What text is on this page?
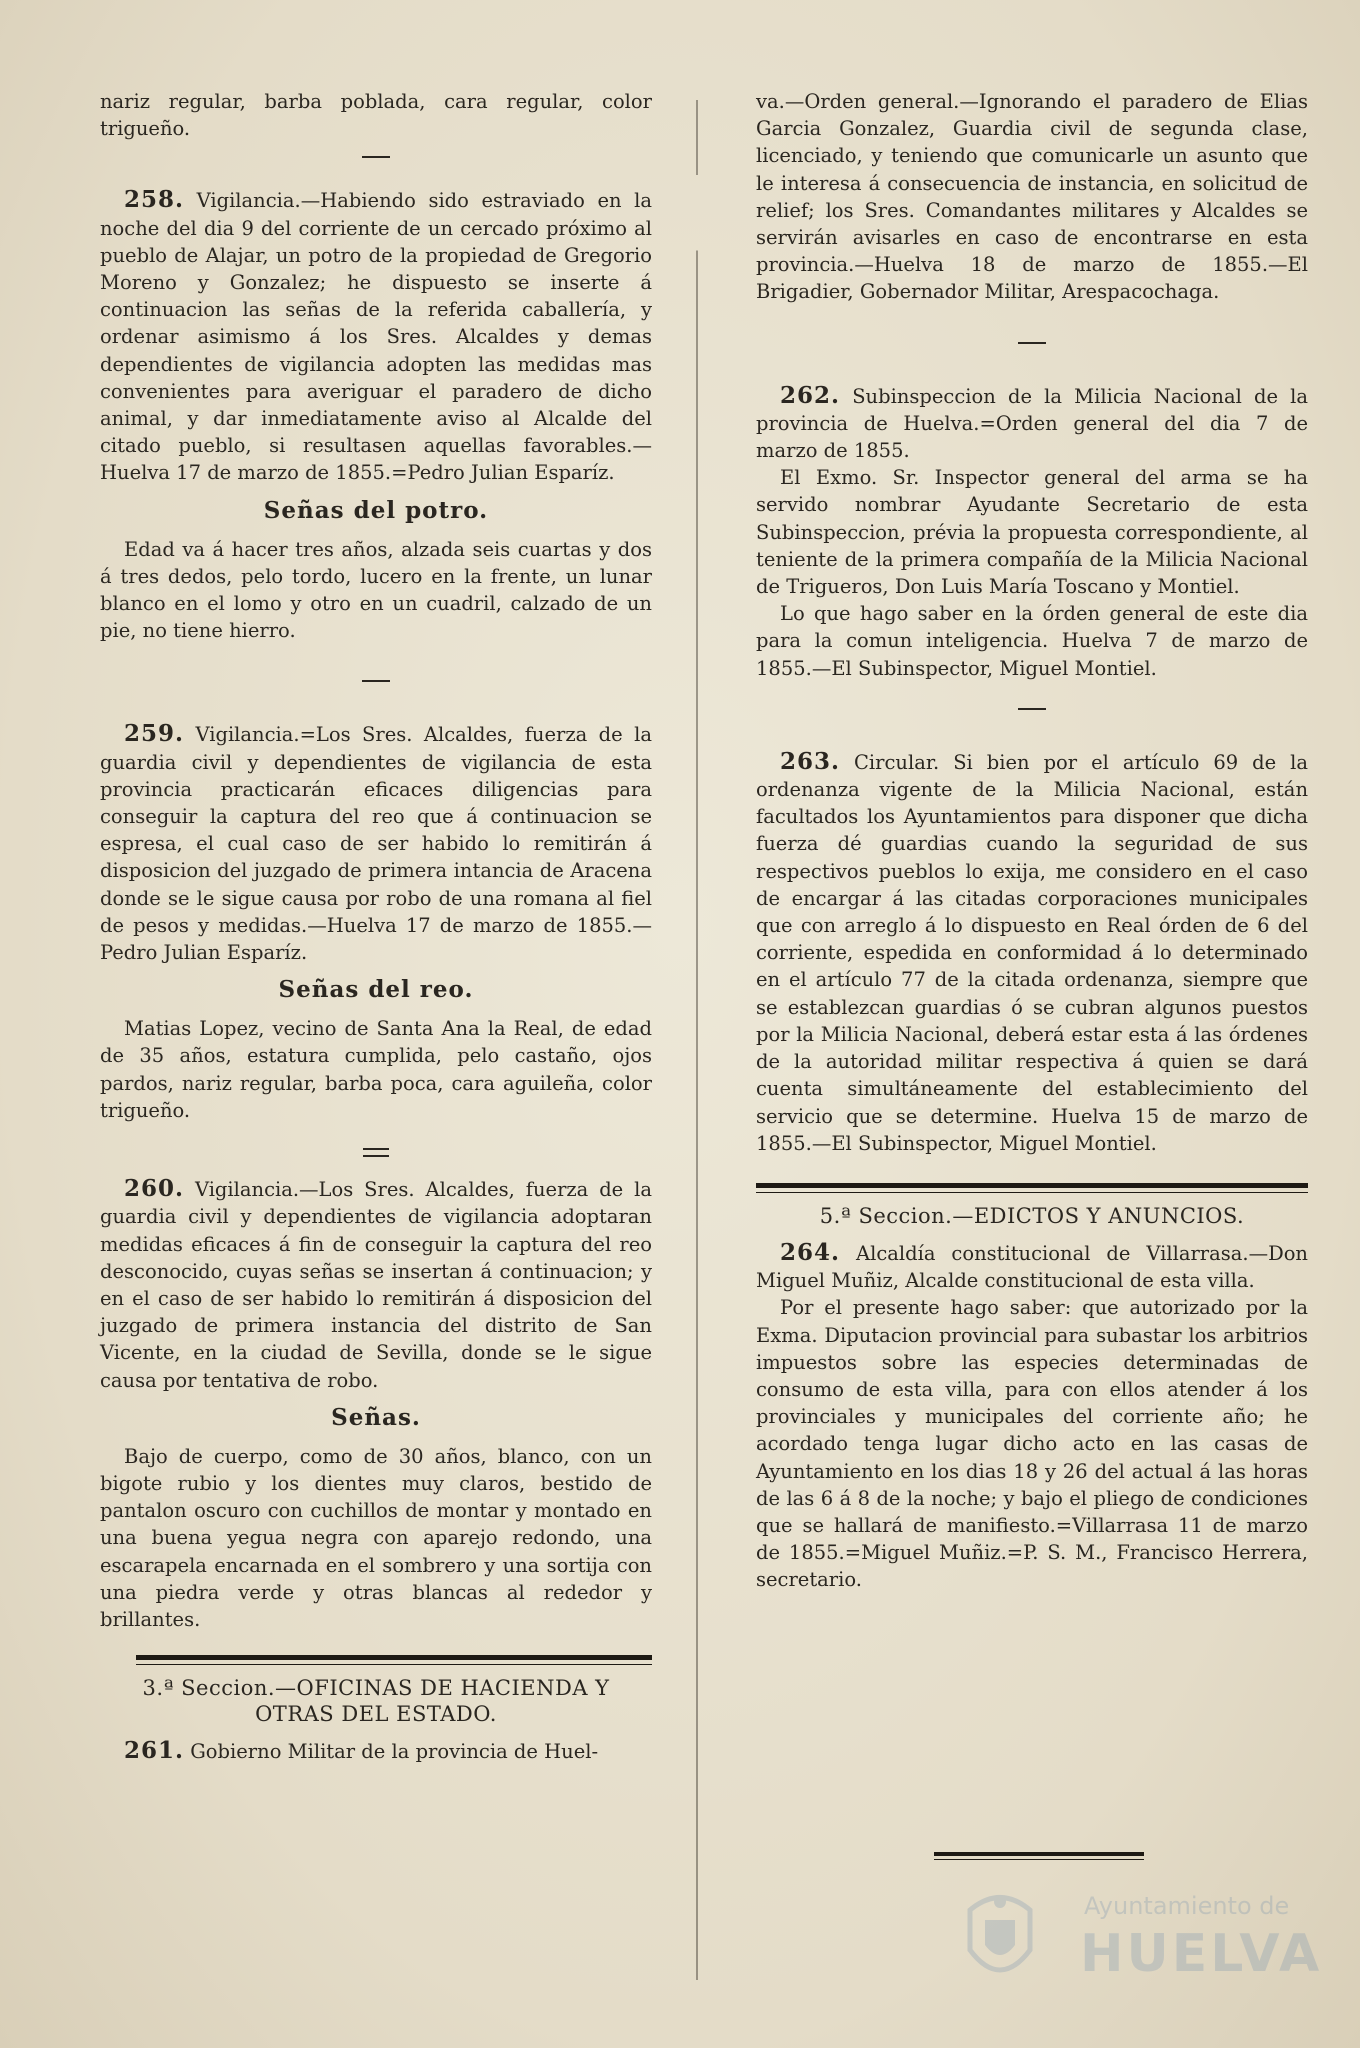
nariz regular, barba poblada, cara regular, color trigueño.

258. Vigilancia.—Habiendo sido estraviado en la noche del dia 9 del corriente de un cercado próximo al pueblo de Alajar, un potro de la propiedad de Gregorio Moreno y Gonzalez; he dispuesto se inserte á continuacion las señas de la referida caballería, y ordenar asimismo á los Sres. Alcaldes y demas dependientes de vigilancia adopten las medidas mas convenientes para averiguar el paradero de dicho animal, y dar inmediatamente aviso al Alcalde del citado pueblo, si resultasen aquellas favorables.—Huelva 17 de marzo de 1855.=Pedro Julian Esparíz.

Señas del potro.

Edad va á hacer tres años, alzada seis cuartas y dos á tres dedos, pelo tordo, lucero en la frente, un lunar blanco en el lomo y otro en un cuadril, calzado de un pie, no tiene hierro.

259. Vigilancia.=Los Sres. Alcaldes, fuerza de la guardia civil y dependientes de vigilancia de esta provincia practicarán eficaces diligencias para conseguir la captura del reo que á continuacion se espresa, el cual caso de ser habido lo remitirán á disposicion del juzgado de primera intancia de Aracena donde se le sigue causa por robo de una romana al fiel de pesos y medidas.—Huelva 17 de marzo de 1855.—Pedro Julian Esparíz.

Señas del reo.

Matias Lopez, vecino de Santa Ana la Real, de edad de 35 años, estatura cumplida, pelo castaño, ojos pardos, nariz regular, barba poca, cara aguileña, color trigueño.

260. Vigilancia.—Los Sres. Alcaldes, fuerza de la guardia civil y dependientes de vigilancia adoptaran medidas eficaces á fin de conseguir la captura del reo desconocido, cuyas señas se insertan á continuacion; y en el caso de ser habido lo remitirán á disposicion del juzgado de primera instancia del distrito de San Vicente, en la ciudad de Sevilla, donde se le sigue causa por tentativa de robo.

Señas.

Bajo de cuerpo, como de 30 años, blanco, con un bigote rubio y los dientes muy claros, bestido de pantalon oscuro con cuchillos de montar y montado en una buena yegua negra con aparejo redondo, una escarapela encarnada en el sombrero y una sortija con una piedra verde y otras blancas al rededor y brillantes.

3.ª Seccion.—OFICINAS DE HACIENDA Y OTRAS DEL ESTADO.

261. Gobierno Militar de la provincia de Huel-

va.—Orden general.—Ignorando el paradero de Elias Garcia Gonzalez, Guardia civil de segunda clase, licenciado, y teniendo que comunicarle un asunto que le interesa á consecuencia de instancia, en solicitud de relief; los Sres. Comandantes militares y Alcaldes se servirán avisarles en caso de encontrarse en esta provincia.—Huelva 18 de marzo de 1855.—El Brigadier, Gobernador Militar, Arespacochaga.

262. Subinspeccion de la Milicia Nacional de la provincia de Huelva.=Orden general del dia 7 de marzo de 1855.

El Exmo. Sr. Inspector general del arma se ha servido nombrar Ayudante Secretario de esta Subinspeccion, prévia la propuesta correspondiente, al teniente de la primera compañía de la Milicia Nacional de Trigueros, Don Luis María Toscano y Montiel.

Lo que hago saber en la órden general de este dia para la comun inteligencia. Huelva 7 de marzo de 1855.—El Subinspector, Miguel Montiel.

263. Circular. Si bien por el artículo 69 de la ordenanza vigente de la Milicia Nacional, están facultados los Ayuntamientos para disponer que dicha fuerza dé guardias cuando la seguridad de sus respectivos pueblos lo exija, me considero en el caso de encargar á las citadas corporaciones municipales que con arreglo á lo dispuesto en Real órden de 6 del corriente, espedida en conformidad á lo determinado en el artículo 77 de la citada ordenanza, siempre que se establezcan guardias ó se cubran algunos puestos por la Milicia Nacional, deberá estar esta á las órdenes de la autoridad militar respectiva á quien se dará cuenta simultáneamente del establecimiento del servicio que se determine. Huelva 15 de marzo de 1855.—El Subinspector, Miguel Montiel.

5.ª Seccion.—EDICTOS Y ANUNCIOS.

264. Alcaldía constitucional de Villarrasa.—Don Miguel Muñiz, Alcalde constitucional de esta villa.

Por el presente hago saber: que autorizado por la Exma. Diputacion provincial para subastar los arbitrios impuestos sobre las especies determinadas de consumo de esta villa, para con ellos atender á los provinciales y municipales del corriente año; he acordado tenga lugar dicho acto en las casas de Ayuntamiento en los dias 18 y 26 del actual á las horas de las 6 á 8 de la noche; y bajo el pliego de condiciones que se hallará de manifiesto.=Villarrasa 11 de marzo de 1855.=Miguel Muñiz.=P. S. M., Francisco Herrera, secretario.

Ayuntamiento de
HUELVA
